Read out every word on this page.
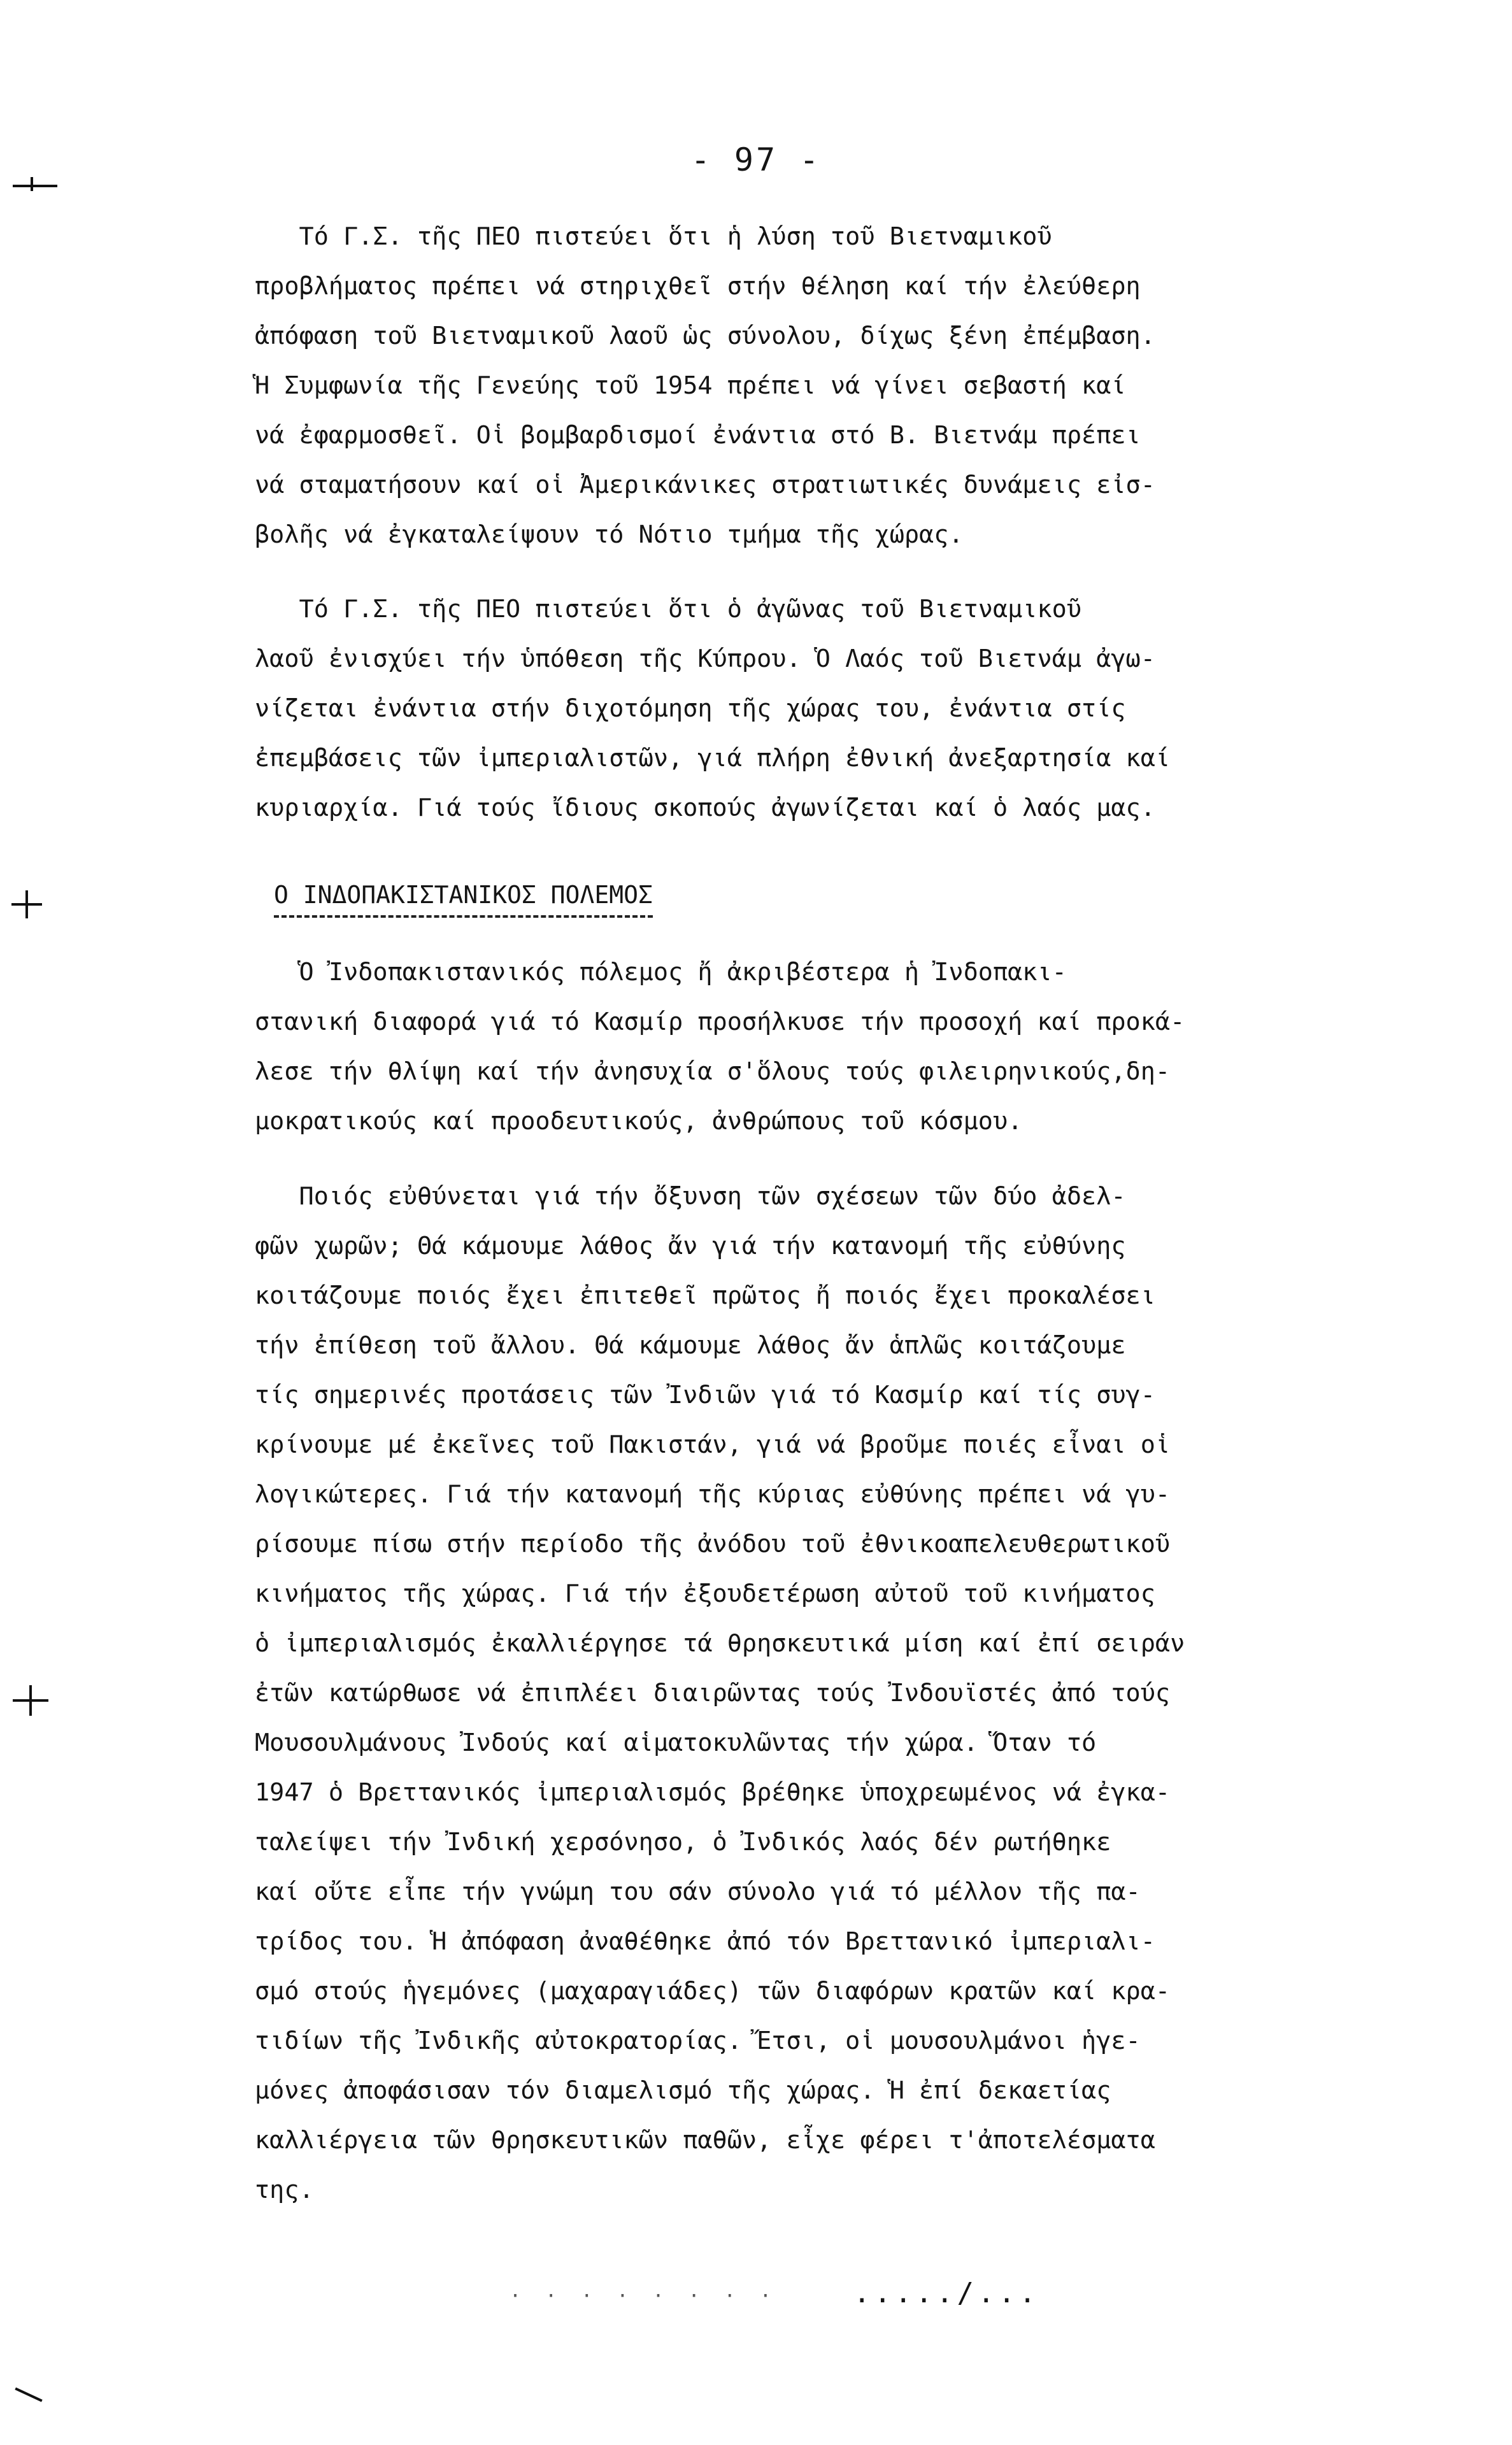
- 97 -
Τό Γ.Σ. τῆς ΠΕΟ πιστεύει ὅτι ἡ λύση τοῦ Βιετναμικοῦ
προβλήματος πρέπει νά στηριχθεῖ στήν θέληση καί τήν ἐλεύθερη
ἀπόφαση τοῦ Βιετναμικοῦ λαοῦ ὡς σύνολου, δίχως ξένη ἐπέμβαση.
Ἡ Συμφωνία τῆς Γενεύης τοῦ 1954 πρέπει νά γίνει σεβαστή καί
νά ἐφαρμοσθεῖ. Οἱ βομβαρδισμοί ἐνάντια στό Β. Βιετνάμ πρέπει
νά σταματήσουν καί οἱ Ἀμερικάνικες στρατιωτικές δυνάμεις εἰσ-
βολῆς νά ἐγκαταλείψουν τό Νότιο τμήμα τῆς χώρας.
Τό Γ.Σ. τῆς ΠΕΟ πιστεύει ὅτι ὁ ἀγῶνας τοῦ Βιετναμικοῦ
λαοῦ ἐνισχύει τήν ὑπόθεση τῆς Κύπρου. Ὁ Λαός τοῦ Βιετνάμ ἀγω-
νίζεται ἐνάντια στήν διχοτόμηση τῆς χώρας του, ἐνάντια στίς
ἐπεμβάσεις τῶν ἰμπεριαλιστῶν, γιά πλήρη ἐθνική ἀνεξαρτησία καί
κυριαρχία. Γιά τούς ἴδιους σκοπούς ἀγωνίζεται καί ὁ λαός μας.
Ο ΙΝΔΟΠΑΚΙΣΤΑΝΙΚΟΣ ΠΟΛΕΜΟΣ
Ὁ Ἰνδοπακιστανικός πόλεμος ἤ ἀκριβέστερα ἡ Ἰνδοπακι-
στανική διαφορά γιά τό Κασμίρ προσήλκυσε τήν προσοχή καί προκά-
λεσε τήν θλίψη καί τήν ἀνησυχία σ'ὅλους τούς φιλειρηνικούς,δη-
μοκρατικούς καί προοδευτικούς, ἀνθρώπους τοῦ κόσμου.
Ποιός εὐθύνεται γιά τήν ὄξυνση τῶν σχέσεων τῶν δύο ἀδελ-
φῶν χωρῶν; Θά κάμουμε λάθος ἄν γιά τήν κατανομή τῆς εὐθύνης
κοιτάζουμε ποιός ἔχει ἐπιτεθεῖ πρῶτος ἤ ποιός ἔχει προκαλέσει
τήν ἐπίθεση τοῦ ἄλλου. Θά κάμουμε λάθος ἄν ἁπλῶς κοιτάζουμε
τίς σημερινές προτάσεις τῶν Ἰνδιῶν γιά τό Κασμίρ καί τίς συγ-
κρίνουμε μέ ἐκεῖνες τοῦ Πακιστάν, γιά νά βροῦμε ποιές εἶναι οἱ
λογικώτερες. Γιά τήν κατανομή τῆς κύριας εὐθύνης πρέπει νά γυ-
ρίσουμε πίσω στήν περίοδο τῆς ἀνόδου τοῦ ἐθνικοαπελευθερωτικοῦ
κινήματος τῆς χώρας. Γιά τήν ἐξουδετέρωση αὐτοῦ τοῦ κινήματος
ὁ ἰμπεριαλισμός ἐκαλλιέργησε τά θρησκευτικά μίση καί ἐπί σειράν
ἐτῶν κατώρθωσε νά ἐπιπλέει διαιρῶντας τούς Ἰνδουϊστές ἀπό τούς
Μουσουλμάνους Ἰνδούς καί αἱματοκυλῶντας τήν χώρα. Ὅταν τό
1947 ὁ Βρεττανικός ἰμπεριαλισμός βρέθηκε ὑποχρεωμένος νά ἐγκα-
ταλείψει τήν Ἰνδική χερσόνησο, ὁ Ἰνδικός λαός δέν ρωτήθηκε
καί οὔτε εἶπε τήν γνώμη του σάν σύνολο γιά τό μέλλον τῆς πα-
τρίδος του. Ἡ ἀπόφαση ἀναθέθηκε ἀπό τόν Βρεττανικό ἰμπεριαλι-
σμό στούς ἡγεμόνες (μαχαραγιάδες) τῶν διαφόρων κρατῶν καί κρα-
τιδίων τῆς Ἰνδικῆς αὐτοκρατορίας. Ἔτσι, οἱ μουσουλμάνοι ἡγε-
μόνες ἀποφάσισαν τόν διαμελισμό τῆς χώρας. Ἡ ἐπί δεκαετίας
καλλιέργεια τῶν θρησκευτικῶν παθῶν, εἶχε φέρει τ'ἀποτελέσματα
της.
· · · · · · · ·	...../...
